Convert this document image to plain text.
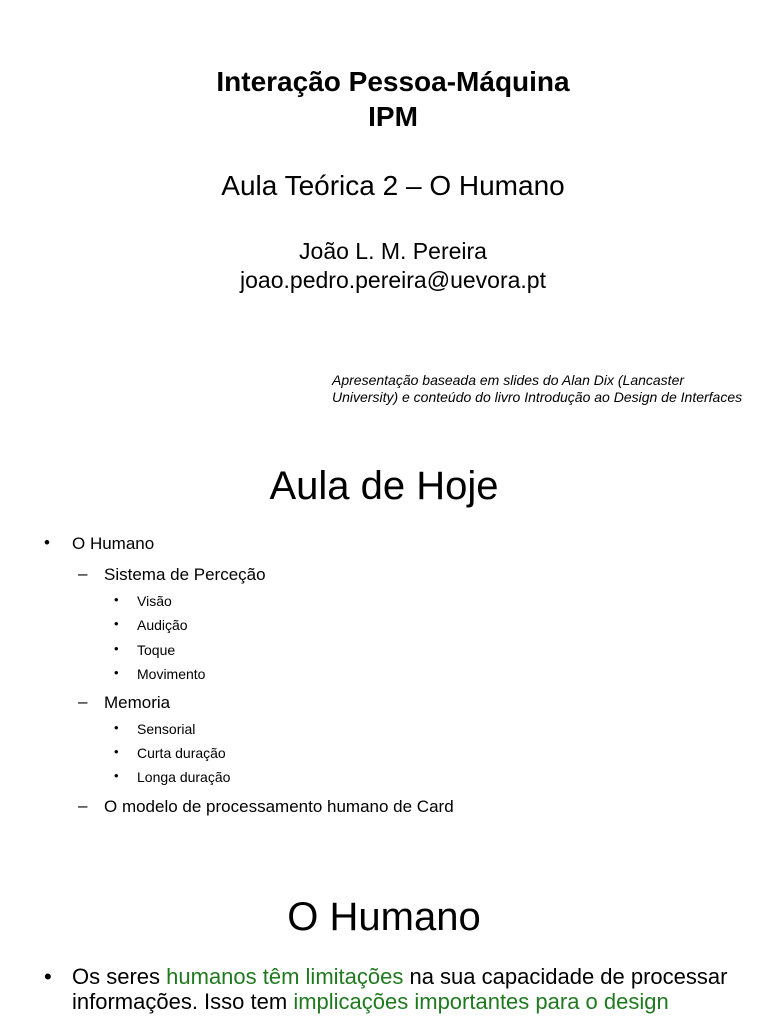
Interação Pessoa-Máquina
IPM
Aula Teórica 2 – O Humano
João L. M. Pereira
joao.pedro.pereira@uevora.pt
Apresentação baseada em slides do Alan Dix (Lancaster
University) e conteúdo do livro Introdução ao Design de Interfaces
Aula de Hoje
• O Humano
– Sistema de Perceção
• Visão
• Audição
• Toque
• Movimento
– Memoria
• Sensorial
• Curta duração
• Longa duração
– O modelo de processamento humano de Card
O Humano
• Os seres humanos têm limitações na sua capacidade de processar informações. Isso tem implicações importantes para o design
